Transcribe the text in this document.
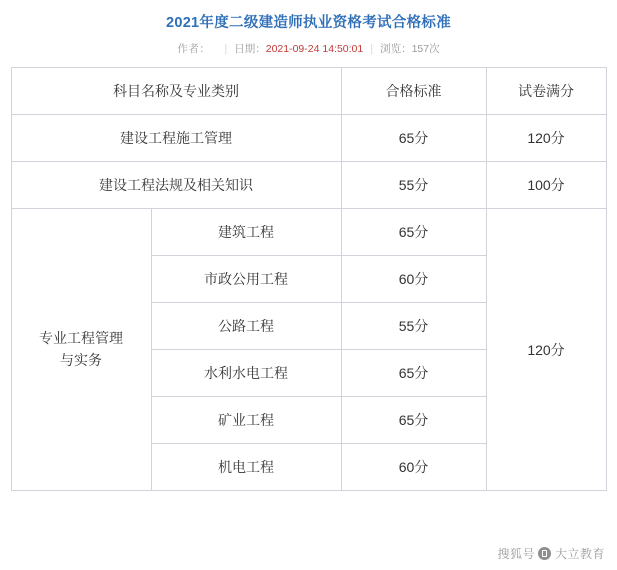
2021年度二级建造师执业资格考试合格标准
作者： | 日期：2021-09-24 14:50:01 | 浏览：157次
科目名称及专业类别		合格标准	试卷满分
建设工程施工管理		65分	120分
建设工程法规及相关知识		55分	100分

专业工程管理
与实务	建筑工程	65分	120分
	市政公用工程	60分	
	公路工程	55分	
	水利水电工程	65分	
	矿业工程	65分	
	机电工程	60分	
搜狐号 大立教育
